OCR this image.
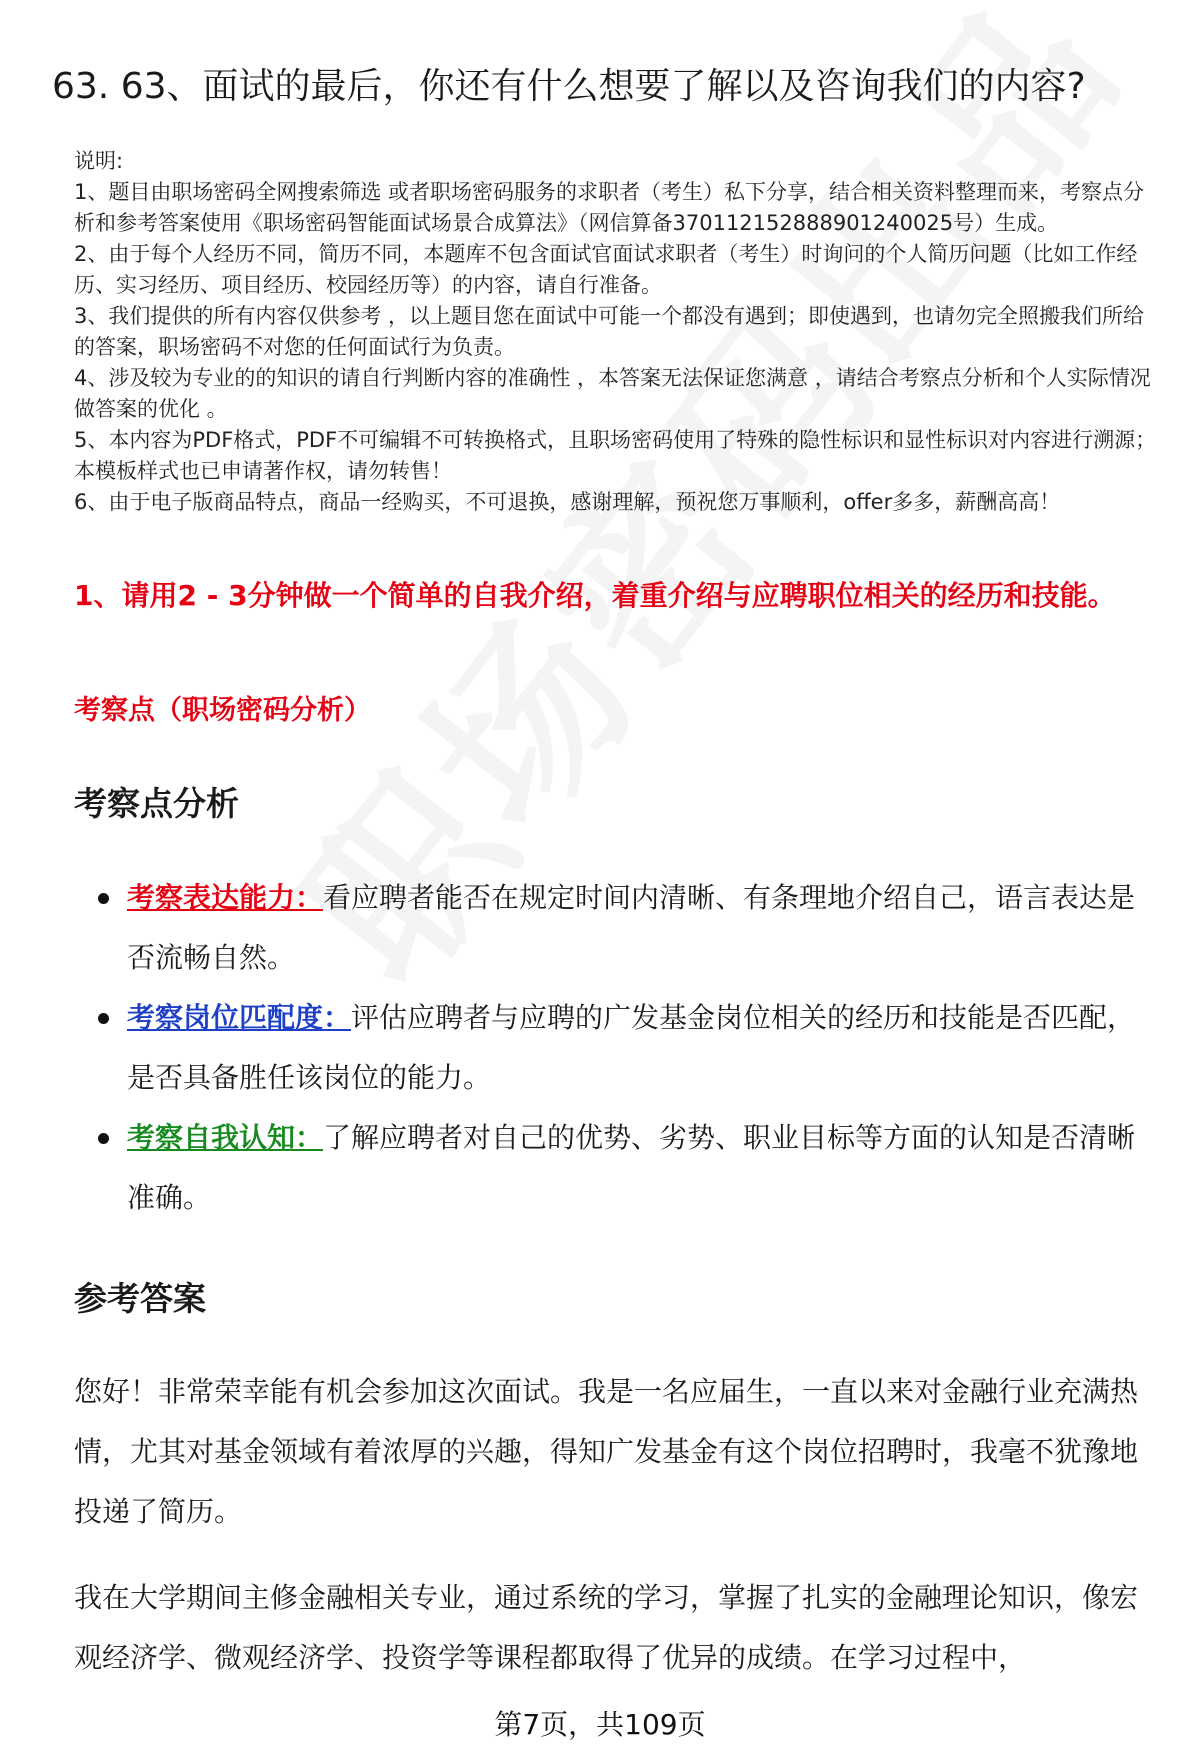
63. 63、面试的最后，你还有什么想要了解以及咨询我们的内容?
说明:
1、题目由职场密码全网搜索筛选 或者职场密码服务的求职者（考生）私下分享，结合相关资料整理而来，考察点分析和参考答案使用《职场密码智能面试场景合成算法》（网信算备370112152888901240025号）生成。
2、由于每个人经历不同，简历不同，本题库不包含面试官面试求职者（考生）时询问的个人简历问题（比如工作经历、实习经历、项目经历、校园经历等）的内容，请自行准备。
3、我们提供的所有内容仅供参考 ，以上题目您在面试中可能一个都没有遇到；即使遇到，也请勿完全照搬我们所给的答案，职场密码不对您的任何面试行为负责。
4、涉及较为专业的的知识的请自行判断内容的准确性 ，本答案无法保证您满意 ，请结合考察点分析和个人实际情况做答案的优化 。
5、本内容为PDF格式，PDF不可编辑不可转换格式，且职场密码使用了特殊的隐性标识和显性标识对内容进行溯源；本模板样式也已申请著作权，请勿转售！
6、由于电子版商品特点，商品一经购买，不可退换，感谢理解，预祝您万事顺利，offer多多，薪酬高高！

1、请用2 - 3分钟做一个简单的自我介绍，着重介绍与应聘职位相关的经历和技能。

考察点（职场密码分析）

考察点分析
考察表达能力：看应聘者能否在规定时间内清晰、有条理地介绍自己，语言表达是否流畅自然。
考察岗位匹配度：评估应聘者与应聘的广发基金岗位相关的经历和技能是否匹配，是否具备胜任该岗位的能力。
考察自我认知：了解应聘者对自己的优势、劣势、职业目标等方面的认知是否清晰准确。
参考答案

您好！非常荣幸能有机会参加这次面试。我是一名应届生，一直以来对金融行业充满热情，尤其对基金领域有着浓厚的兴趣，得知广发基金有这个岗位招聘时，我毫不犹豫地投递了简历。

我在大学期间主修金融相关专业，通过系统的学习，掌握了扎实的金融理论知识，像宏观经济学、微观经济学、投资学等课程都取得了优异的成绩。在学习过程中，

第7页，共109页
